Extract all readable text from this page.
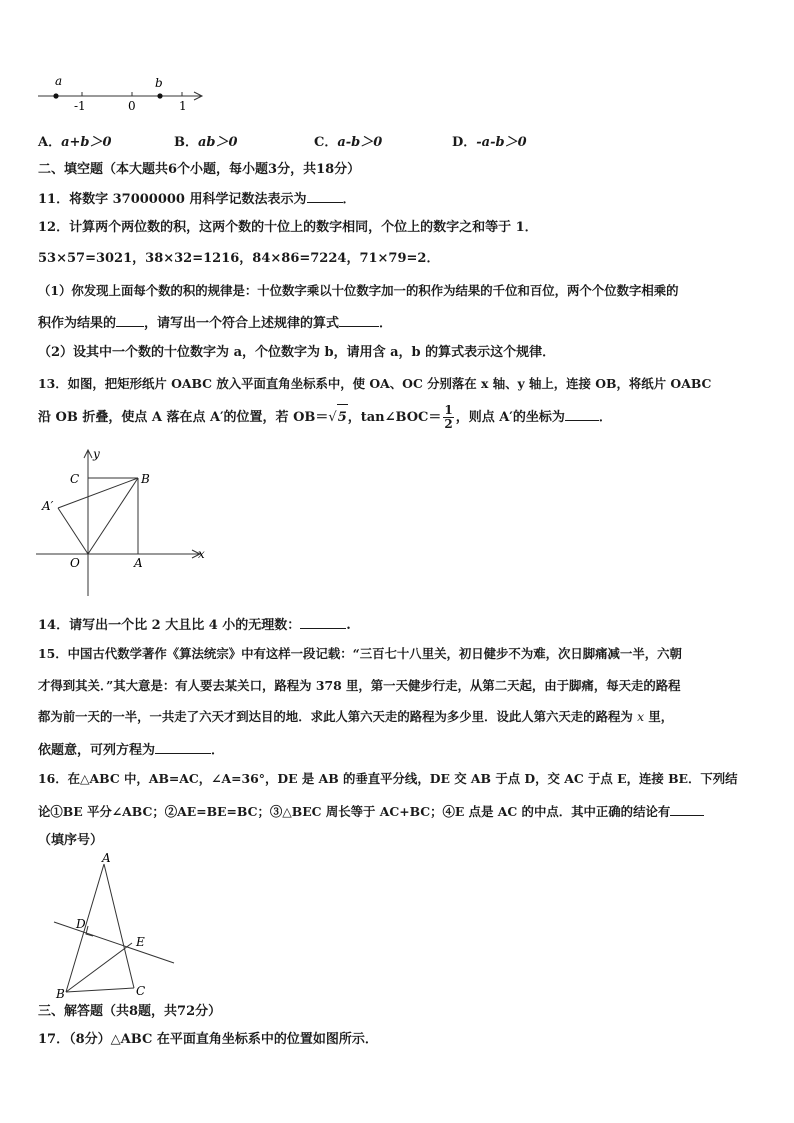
a	b
-1	0	1
A．a+b＞0	B．ab＞0	C．a-b＞0	D．-a-b＞0
二、填空题（本大题共6个小题，每小题3分，共18分）
11．将数字 37000000 用科学记数法表示为	．
12．计算两个两位数的积，这两个数的十位上的数字相同，个位上的数字之和等于 1．
53×57=3021，38×32=1216，84×86=7224，71×79=2．
（1）你发现上面每个数的积的规律是：十位数字乘以十位数字加一的积作为结果的千位和百位，两个个位数字相乘的
积作为结果的 ，请写出一个符合上述规律的算式	．
（2）设其中一个数的十位数字为 a，个位数字为 b，请用含 a，b 的算式表示这个规律．
13．如图，把矩形纸片 OABC 放入平面直角坐标系中，使 OA、OC 分别落在 x 轴、y 轴上，连接 OB，将纸片 OABC
沿 OB 折叠，使点 A 落在点 A′的位置，若 OB＝√5，tan∠BOC＝ $\frac{1}{2}$ ，则点 A′的坐标为	．
y
x
C	B
A′
O	A
14．请写出一个比 2 大且比 4 小的无理数：	.
15．中国古代数学著作《算法统宗》中有这样一段记载：“三百七十八里关，初日健步不为难，次日脚痛减一半，六朝
才得到其关．”其大意是：有人要去某关口，路程为 378 里，第一天健步行走，从第二天起，由于脚痛，每天走的路程
都为前一天的一半，一共走了六天才到达目的地．求此人第六天走的路程为多少里．设此人第六天走的路程为 x 里，
依题意，可列方程为	．
16．在△ABC 中，AB=AC，∠A=36°，DE 是 AB 的垂直平分线，DE 交 AB 于点 D，交 AC 于点 E，连接 BE．下列结
论①BE 平分∠ABC；②AE=BE=BC；③△BEC 周长等于 AC+BC；④E 点是 AC 的中点．其中正确的结论有
（填序号）
A
D
E
B	C
三、解答题（共8题，共72分）
17．（8分）△ABC 在平面直角坐标系中的位置如图所示．
